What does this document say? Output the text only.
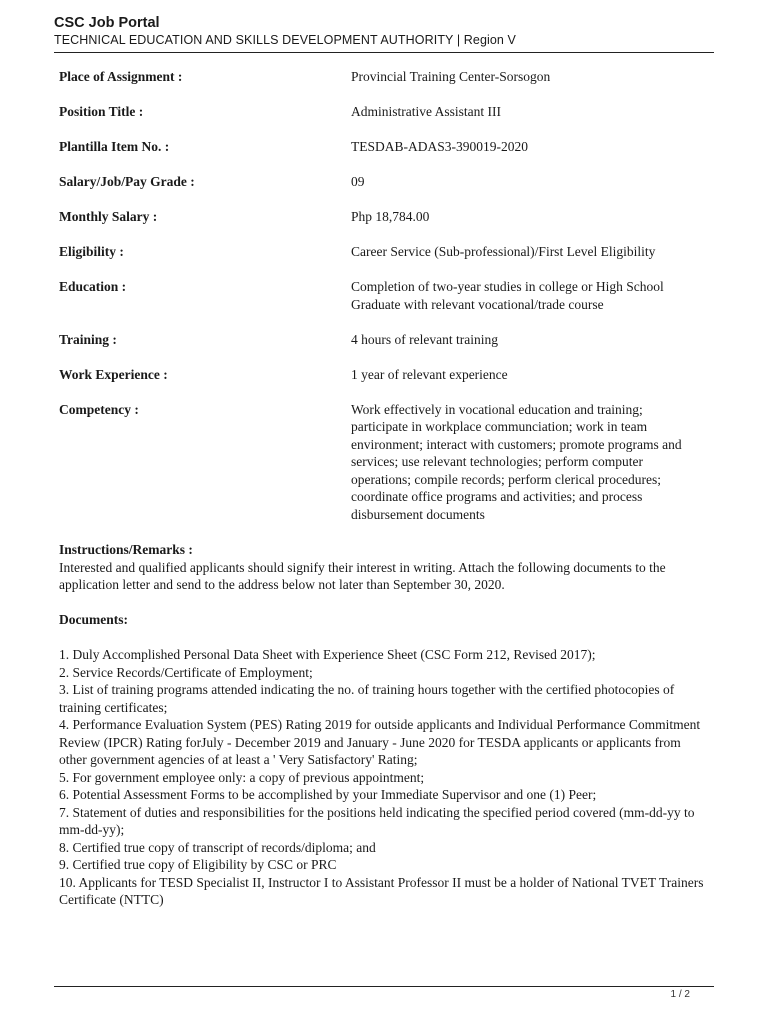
CSC Job Portal
TECHNICAL EDUCATION AND SKILLS DEVELOPMENT AUTHORITY | Region V
Place of Assignment :	Provincial Training Center-Sorsogon
Position Title :	Administrative Assistant III
Plantilla Item No. :	TESDAB-ADAS3-390019-2020
Salary/Job/Pay Grade :	09
Monthly Salary :	Php 18,784.00
Eligibility :	Career Service (Sub-professional)/First Level Eligibility
Education :	Completion of two-year studies in college or High School Graduate with relevant vocational/trade course
Training :	4 hours of relevant training
Work Experience :	1 year of relevant experience
Competency :	Work effectively in vocational education and training; participate in workplace communciation; work in team environment; interact with customers; promote programs and services; use relevant technologies; perform computer operations; compile records; perform clerical procedures; coordinate office programs and activities; and process disbursement documents
Instructions/Remarks :
Interested and qualified applicants should signify their interest in writing. Attach the following documents to the application letter and send to the address below not later than September 30, 2020.
Documents:
1. Duly Accomplished Personal Data Sheet with Experience Sheet (CSC Form 212, Revised 2017);
2. Service Records/Certificate of Employment;
3. List of training programs attended indicating the no. of training hours together with the certified photocopies of training certificates;
4. Performance Evaluation System (PES) Rating 2019 for outside applicants and Individual Performance Commitment Review (IPCR) Rating forJuly - December 2019 and January - June 2020 for TESDA applicants or applicants from other government agencies of at least a ' Very Satisfactory' Rating;
5. For government employee only: a copy of previous appointment;
6. Potential Assessment Forms to be accomplished by your Immediate Supervisor and one (1) Peer;
7. Statement of duties and responsibilities for the positions held indicating the specified period covered (mm-dd-yy to mm-dd-yy);
8. Certified true copy of transcript of records/diploma; and
9. Certified true copy of Eligibility by CSC or PRC
10. Applicants for TESD Specialist II, Instructor I to Assistant Professor II must be a holder of National TVET Trainers Certificate (NTTC)
1 / 2
